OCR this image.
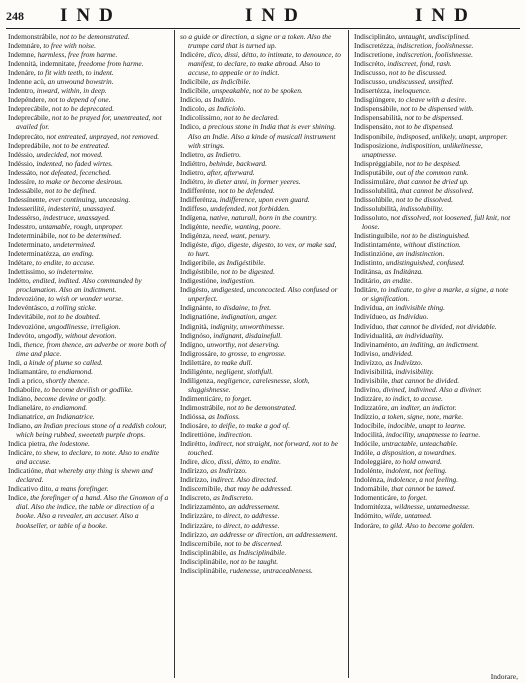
248 IND	IND	IND

Indemonstrábile, not to be demonstrated.

Indemnáre, to free with noise.

Indemne, harmless, free from harme.

Indennità, indemnitate, freedome from harme.

Indenáre, to fit with teeth, to indent.

Indenne acù, an unwound bowstrin.

Indentro, inward, within, in deep.

Indepéndere, not to depend of one.

Indeprecábile, not to be deprecated.

Indeprecábile, not to be prayed for, unentreated, not availed for.

Indeprecáto, not entreated, unprayed, not removed.

Indepredábile, not to be entreated.

Indéssio, undecided, not moved.

Indéssio, indented, no faded wirtes.

Indessáto, not defeated, fecenched.

Indessíre, to make or become desirous.

Indessábile, not to be defined.

Indessínente, ever continuing, unceasing.

Indesserilíté, indesterité, unassayed.

Indessérso, indestruce, unassayed.

Indesstro, untamable, rough, unproper.

Indeterminábile, not to be determined.

Indeterminato, undetermined.

Indeterminatézza, an ending.

Indétare, to endite, to accuse.

Indettissimo, so indetermine.

Indétto, endited, indited. Also commanded by proclamation. Also an indictment.

Indevozióne, to wish or wonder worse.

Indevéntásco, a rolling sticke.

Indevitábile, not to be doubted.

Indevozióne, ungodlinesse, irreligion.

Indevóto, ungodly, without devotion.

Indi, thence, from thence, an adverbe or more both of time and place.

Indi, a kinde of plume so called.

Indiamantáre, to endiamond.

Indi a prico, shortly thence.

Indiabolíre, to become devilish or godlike.

Indiáno, become devine or godly.

Indianeláre, to endiamond.

Indianatríce, an Indianatrice.

Indiano, an Indian precious stone of a reddish colour, which being rubbed, sweeteth purple drops.

Indica pietra, the lodestone.

Indicáre, to shew, to declare, to note. Also to endite and accuse.

Indicatióne, that whereby any thing is shewn and declared.

Indicativo dito, a mans forefinger.

Indice, the forefinger of a hand. Also the Gnomon of a dial. Also the indice, the table or direction of a booke. Also a revealer, an accuser. Also a bookseller, or table of a booke.

so a guide or direction, a signe or a token. Also the trumpe card that is turned up.

Indicére, dico, dissi, détto, to intimate, to denounce, to manifest, to declare, to make abroad. Also to accuse, to appeale or to indict.

Indicíbile, as Indicíbile.

Indicíbile, unspeakable, not to be spoken.

Indício, as Indízio.

Indicolo, as Indicíolo.

Indicolíssimo, not to be declared.

Indico, a precious stone in India that is ever shining. Also an Indie. Also a kinde of musicall instrument with strings.

Indietro, as Indietro.

Indiéttro, behinde, backward.

Indietro, after, afterward.

Indiétro, in dieter anni, in former yeeres.

Indifferénte, not to be defended.

Indifferénza, indifference, upon even guard.

Indiffeso, undefended, not forbidden.

Indígena, native, naturall, born in the country.

Indigénte, needie, wanting, poore.

Indigénza, need, want, penury.

Indigéste, digo, digeste, digesto, to vex, or make sad, to hurt.

Indigeribile, as Indigéstibile.

Indigéstibile, not to be digested.

Indigestióne, indigestion.

Indigésto, undigested, unconcocted. Also confused or unperfect.

Indignánte, to disdaine, to fret.

Indignatióne, indignation, anger.

Indignità, indignity, unworthinesse.

Indignóso, indignant, disdainefull.

Indígno, unworthy, not deserving.

Indigrossáre, to grosse, to engrosse.

Indilettáre, to make dull.

Indiligénte, negligent, slothfull.

Indiligenza, negligence, carelesnesse, sloth, sluggishnesse.

Indimenticáre, to forget.

Indimostrábile, not to be demonstrated.

Indióssa, as Indioss.

Indiosáre, to deifie, to make a god of.

Indirettióne, indirection.

Indirétto, indirect, not straight, not forward, not to be touched.

Indire, dico, dissi, détto, to endite.

Indírizzo, as Indirízzo.

Indirízzo, indirect. Also directed.

Indiscerníbile, that may be addressed.

Indiscreto, as Indiscreto.

Indirizzaménto, an addressement.

Indirizzáre, to direct, to addresse.

Indirizzáre, to direct, to addresse.

Indirízzo, an addresse or direction, an addressement.

Indiscernibile, not to be discerned.

Indisciplinábile, as Indisciplinábile.

Indisciplinábile, not to be taught.

Indisciplinábile, rudenesse, untraceableness.

Indisciplináto, untaught, undisciplined.

Indiscretézza, indiscretion, foolishnesse.

Indiscretíone, indiscretion, foolishnesse.

Indiscréto, indiscreet, fond, rash.

Indiscusso, not to be discussed.

Indiscusso, undiscussed, unsifted.

Indisertézza, ineloquence.

Indisgiúngere, to cleave with a desire.

Indispensábile, not to be dispensed with.

Indispensabilità, not to be dispensed.

Indispensáto, not to be dispensed.

Indisponíbile, indisposed, unlikely, unapt, unproper.

Indisposizione, indisposition, unlikelinesse, unaptnesse.

Indispréggiabile, not to be despised.

Indisputábile, out of the common rank.

Indissimuláre, that cannot be dried up.

Indissolubilità, that cannot be dissolved.

Indissolúbile, not to be dissolved.

Indissolubilità, indissolubility.

Indissoluto, not dissolved, not loosened, full knit, not loose.

Indistinguíbile, not to be distinguished.

Indistintaménte, without distinction.

Indistinzióne, an indistinction.

Indistinto, undistinguished, confused.

Inditánsa, as Inditánza.

Inditário, an endite.

Inditáre, to indicate, to give a marke, a signe, a note or signification.

Indivídua, an indivisible thing.

Indivídueo, as Indivíduo.

Indivíduo, that cannot be divided, not dividable.

Individualità, an individuality.

Indivinaménto, an inditing, an indictment.

Indiviso, undivided.

Indivízzo, as Indivízzo.

Indivisibilità, indivisibility.

Indivisibile, that cannot be divided.

Indivíno, divined, indivined. Also a diviner.

Indizzáre, to indict, to accuse.

Indizzatóre, an inditer, an indictor.

Indízzio, a token, signe, note, marke.

Indocíbile, indocible, unapt to learne.

Indocilità, indocility, unaptnesse to learne.

Indócile, untractable, unteachable.

Indóle, a disposition, a towardnes.

Indoleggiáre, to hold onward.

Indolénte, indolent, not feeling.

Indolénza, indolence, a not feeling.

Indomábile, that cannot be tamed.

Indomenticáre, to forget.

Indomitézza, wildnesse, untamednesse.

Indómito, wilde, untamed.

Indoráre, to gild. Also to become golden.

Indorare,
